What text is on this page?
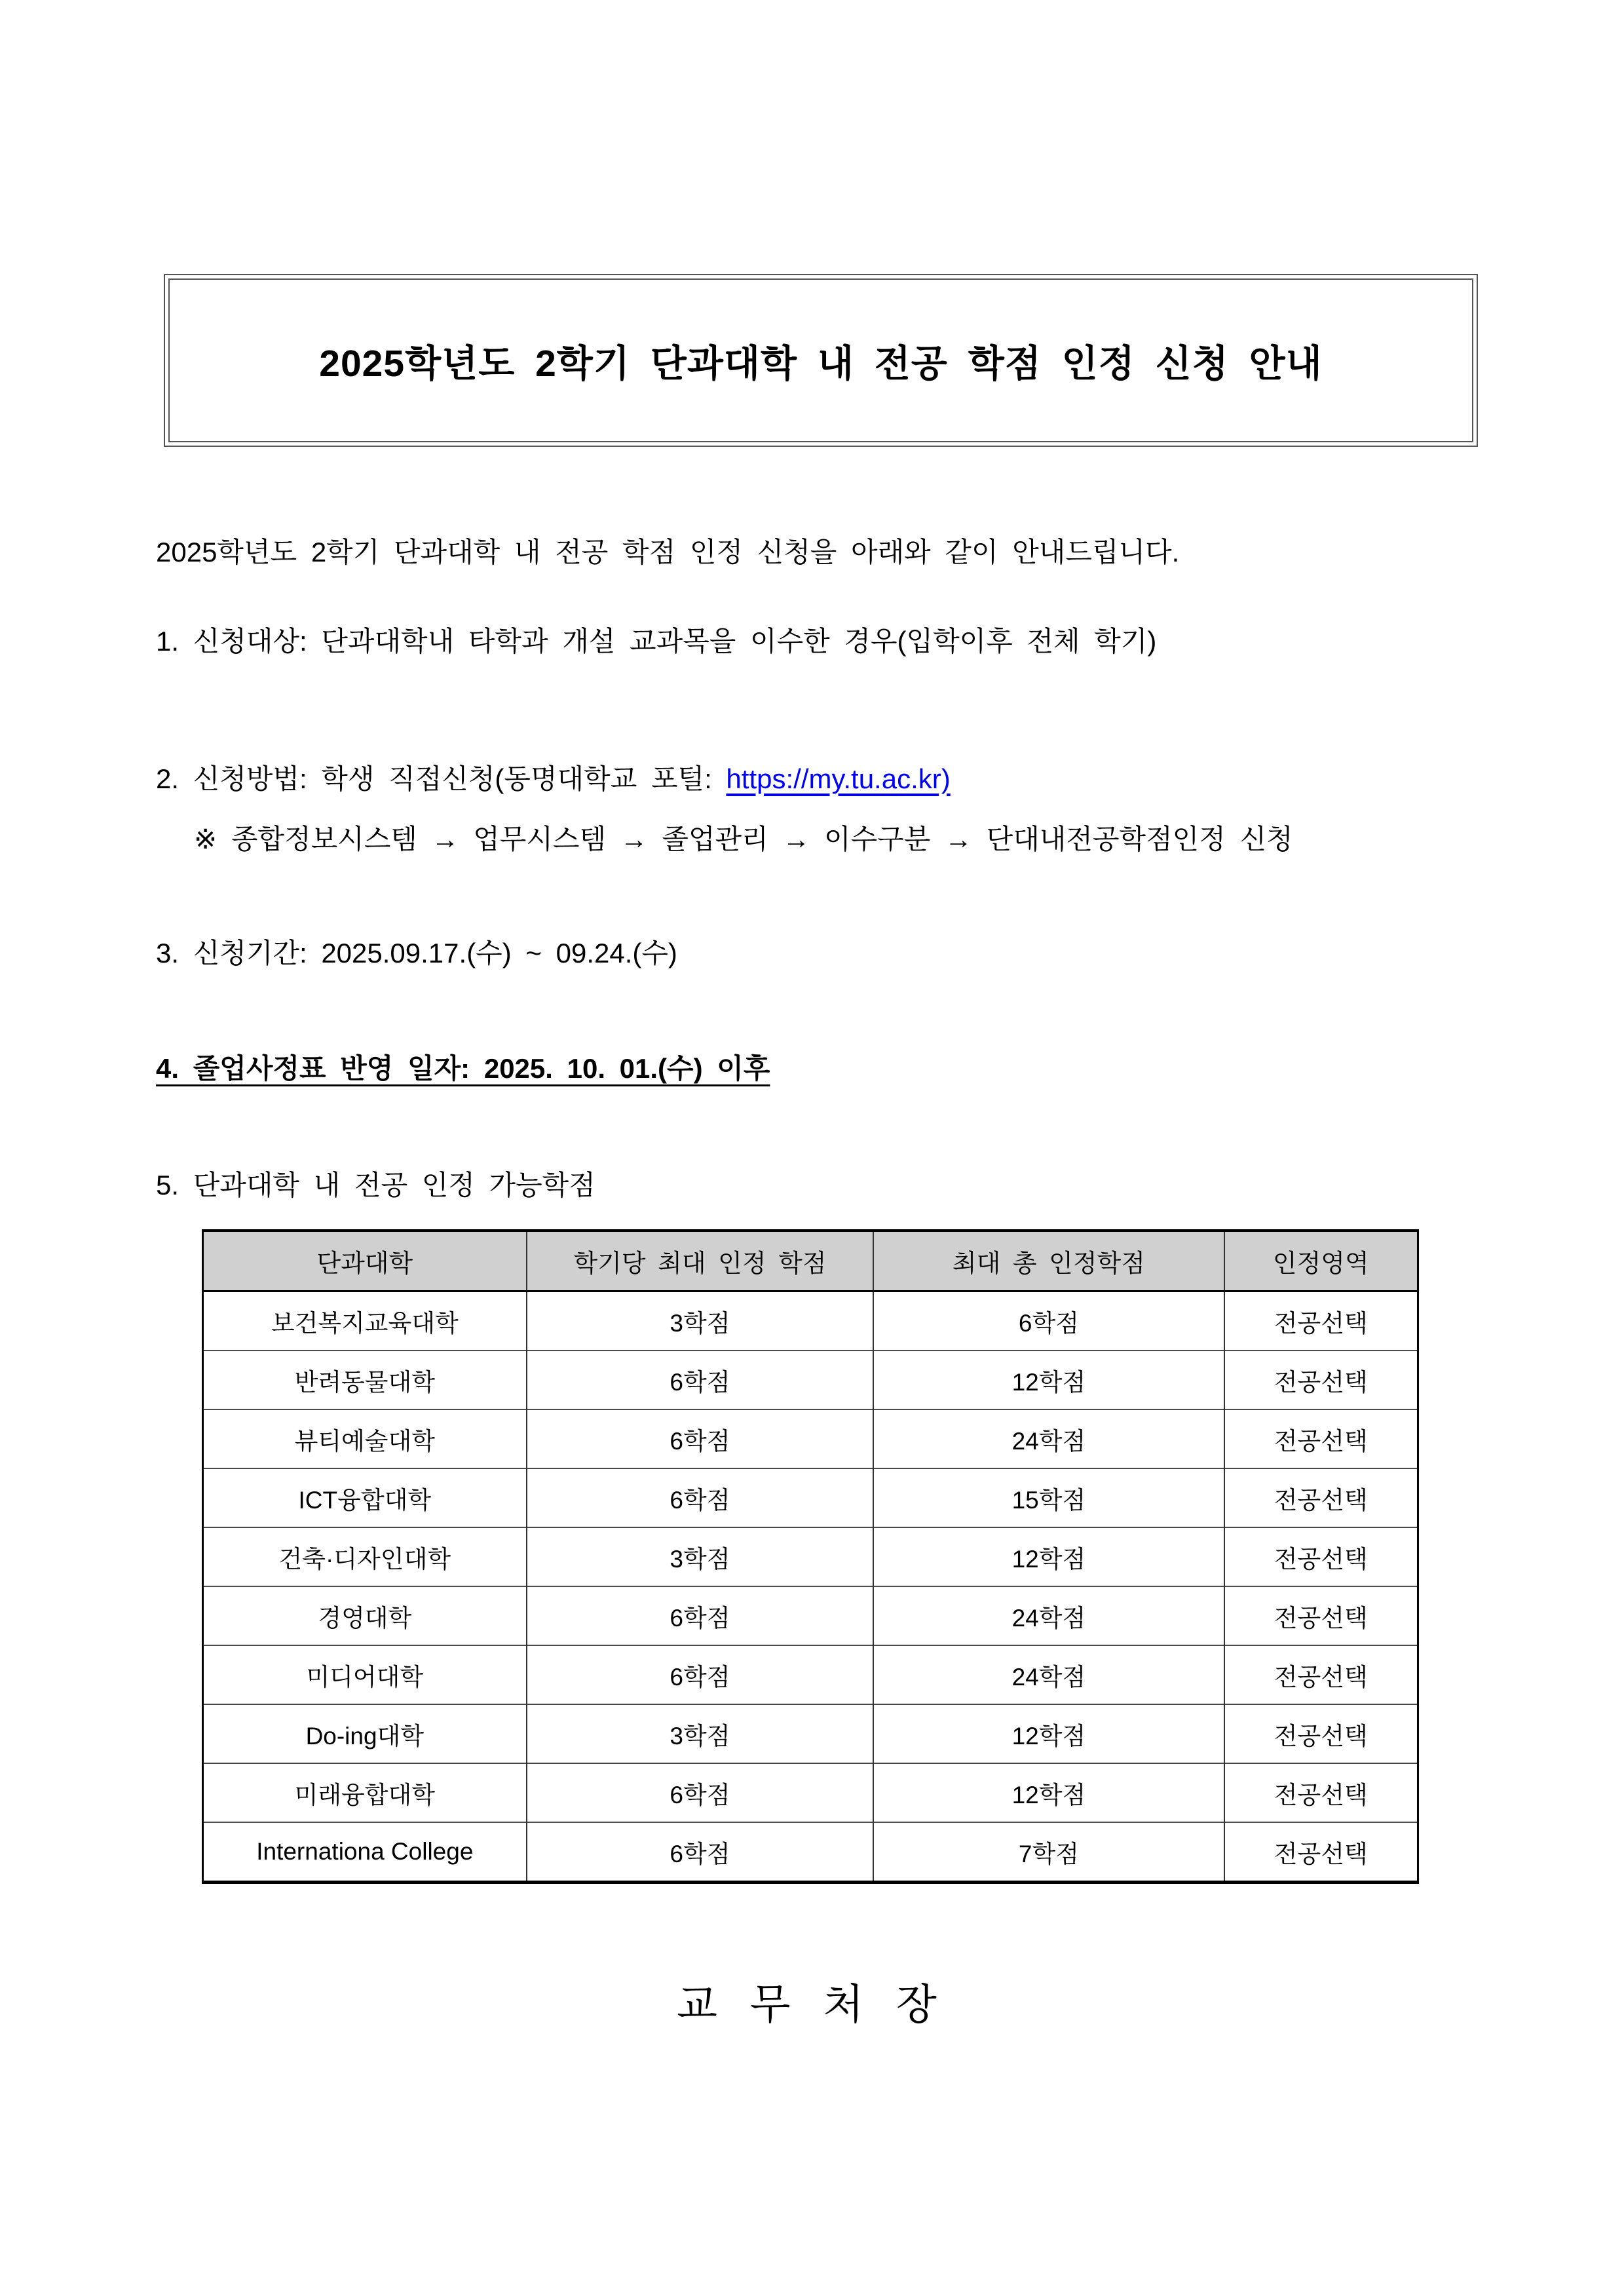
2025학년도 2학기 단과대학 내 전공 학점 인정 신청 안내
2025학년도 2학기 단과대학 내 전공 학점 인정 신청을 아래와 같이 안내드립니다.
1. 신청대상: 단과대학내 타학과 개설 교과목을 이수한 경우(입학이후 전체 학기)
2. 신청방법: 학생 직접신청(동명대학교 포털: https://my.tu.ac.kr)
※ 종합정보시스템 → 업무시스템 → 졸업관리 → 이수구분 → 단대내전공학점인정 신청
3. 신청기간: 2025.09.17.(수) ~ 09.24.(수)
4. 졸업사정표 반영 일자: 2025. 10. 01.(수) 이후
5. 단과대학 내 전공 인정 가능학점
단과대학	학기당 최대 인정 학점	최대 총 인정학점	인정영역
보건복지교육대학	3학점	6학점	전공선택
반려동물대학	6학점	12학점	전공선택
뷰티예술대학	6학점	24학점	전공선택
ICT융합대학	6학점	15학점	전공선택
건축·디자인대학	3학점	12학점	전공선택
경영대학	6학점	24학점	전공선택
미디어대학	6학점	24학점	전공선택
Do-ing대학	3학점	12학점	전공선택
미래융합대학	6학점	12학점	전공선택
Internationa College	6학점	7학점	전공선택
교 무 처 장
